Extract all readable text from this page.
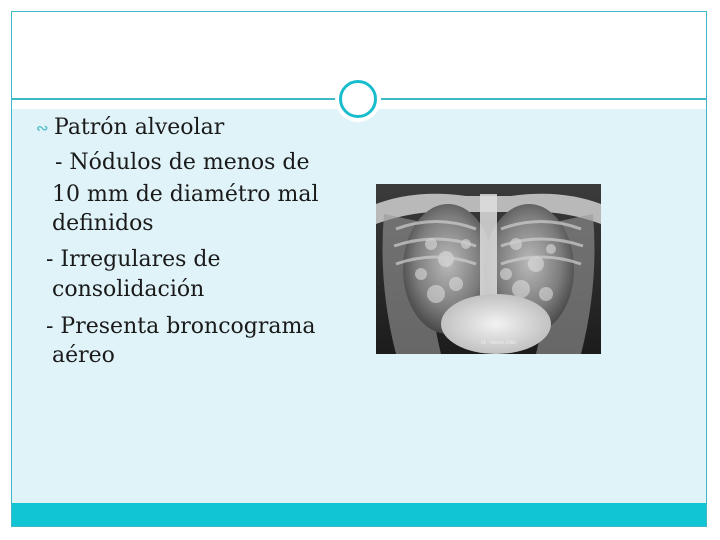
∾ Patrón alveolar
- Nódulos de menos de
10 mm de diamétro mal
definidos
- Irregulares de
consolidación
- Presenta broncograma
aéreo
01 - febrero 1989
